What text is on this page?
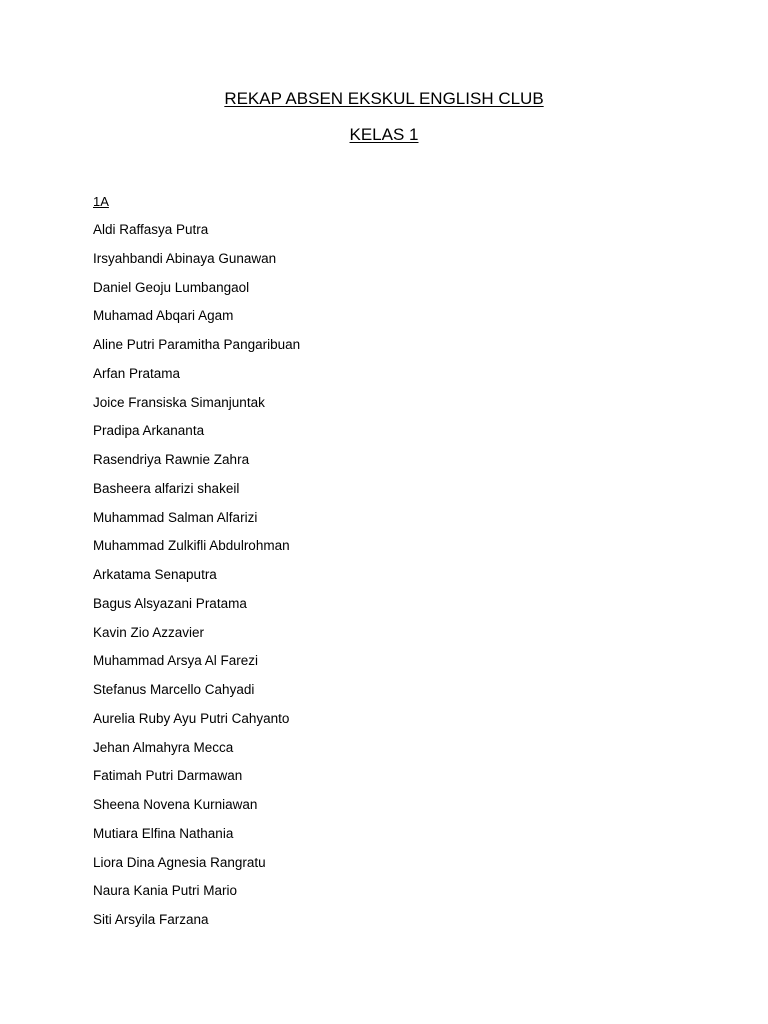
REKAP ABSEN EKSKUL ENGLISH CLUB
KELAS 1
1A
Aldi Raffasya Putra
Irsyahbandi Abinaya Gunawan
Daniel Geoju Lumbangaol
Muhamad Abqari Agam
Aline Putri Paramitha Pangaribuan
Arfan Pratama
Joice Fransiska Simanjuntak
Pradipa Arkananta
Rasendriya Rawnie Zahra
Basheera alfarizi shakeil
Muhammad Salman Alfarizi
Muhammad Zulkifli Abdulrohman
Arkatama Senaputra
Bagus Alsyazani Pratama
Kavin Zio Azzavier
Muhammad Arsya Al Farezi
Stefanus Marcello Cahyadi
Aurelia Ruby Ayu Putri Cahyanto
Jehan Almahyra Mecca
Fatimah Putri Darmawan
Sheena Novena Kurniawan
Mutiara Elfina Nathania
Liora Dina Agnesia Rangratu
Naura Kania Putri Mario
Siti Arsyila Farzana
